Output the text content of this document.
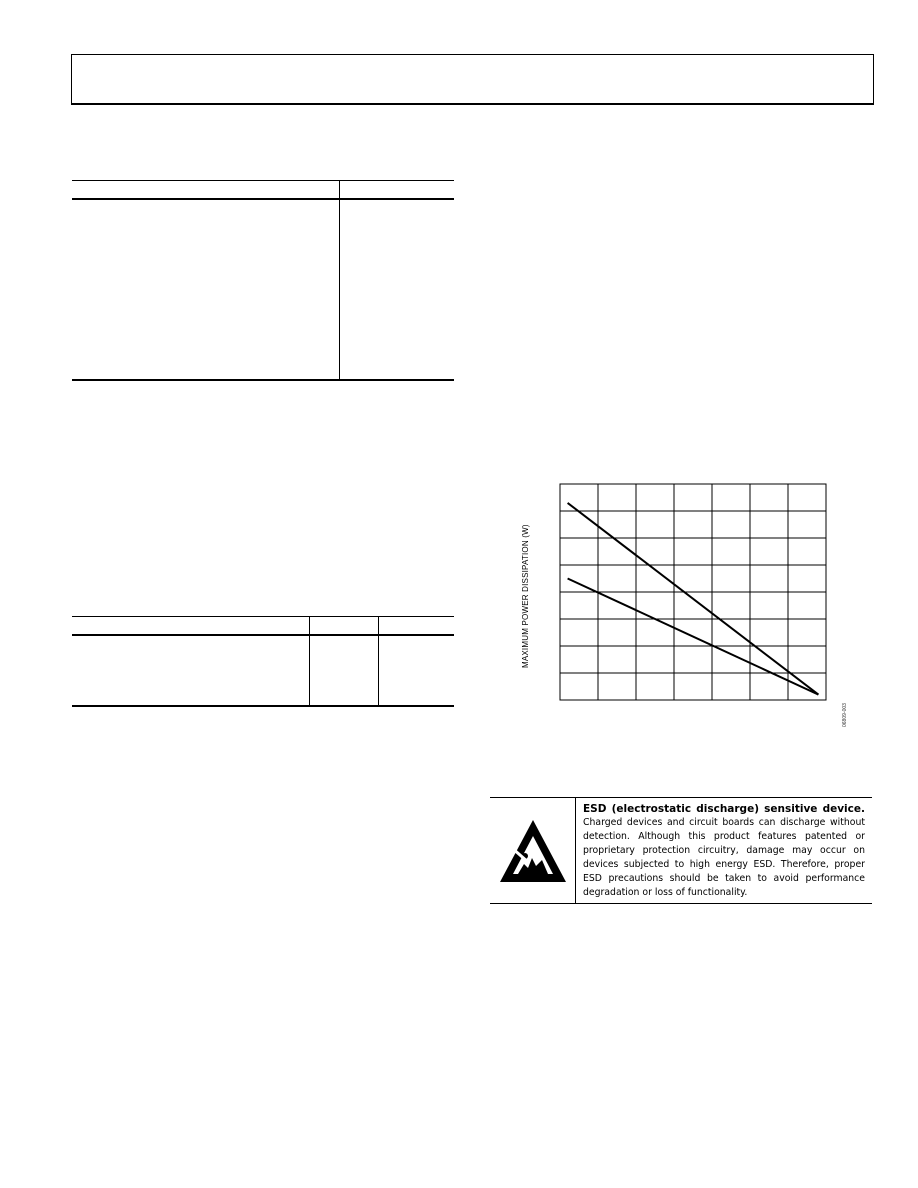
MAXIMUM POWER DISSIPATION (W)
06809-003
ESD (electrostatic discharge) sensitive device.
Charged devices and circuit boards can discharge without detection. Although this product features patented or proprietary protection circuitry, damage may occur on devices subjected to high energy ESD. Therefore, proper ESD precautions should be taken to avoid performance degradation or loss of functionality.
